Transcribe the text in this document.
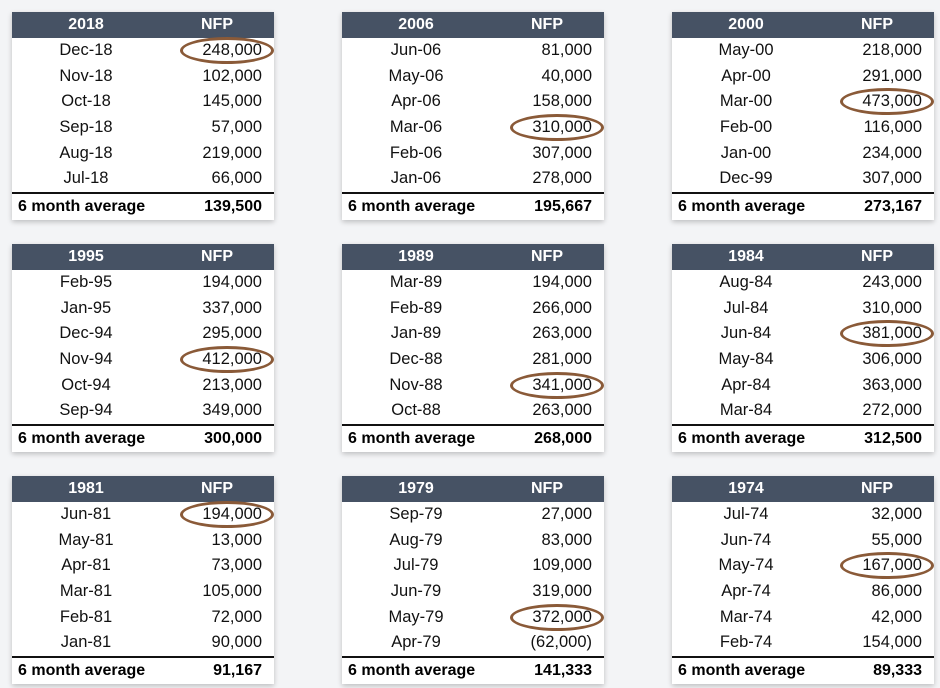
2018	NFP
Dec-18	248,000
Nov-18	102,000
Oct-18	145,000
Sep-18	57,000
Aug-18	219,000
Jul-18	66,000
6 month average	139,500
2006	NFP
Jun-06	81,000
May-06	40,000
Apr-06	158,000
Mar-06	310,000
Feb-06	307,000
Jan-06	278,000
6 month average	195,667
2000	NFP
May-00	218,000
Apr-00	291,000
Mar-00	473,000
Feb-00	116,000
Jan-00	234,000
Dec-99	307,000
6 month average	273,167
1995	NFP
Feb-95	194,000
Jan-95	337,000
Dec-94	295,000
Nov-94	412,000
Oct-94	213,000
Sep-94	349,000
6 month average	300,000
1989	NFP
Mar-89	194,000
Feb-89	266,000
Jan-89	263,000
Dec-88	281,000
Nov-88	341,000
Oct-88	263,000
6 month average	268,000
1984	NFP
Aug-84	243,000
Jul-84	310,000
Jun-84	381,000
May-84	306,000
Apr-84	363,000
Mar-84	272,000
6 month average	312,500
1981	NFP
Jun-81	194,000
May-81	13,000
Apr-81	73,000
Mar-81	105,000
Feb-81	72,000
Jan-81	90,000
6 month average	91,167
1979	NFP
Sep-79	27,000
Aug-79	83,000
Jul-79	109,000
Jun-79	319,000
May-79	372,000
Apr-79	(62,000)
6 month average	141,333
1974	NFP
Jul-74	32,000
Jun-74	55,000
May-74	167,000
Apr-74	86,000
Mar-74	42,000
Feb-74	154,000
6 month average	89,333
